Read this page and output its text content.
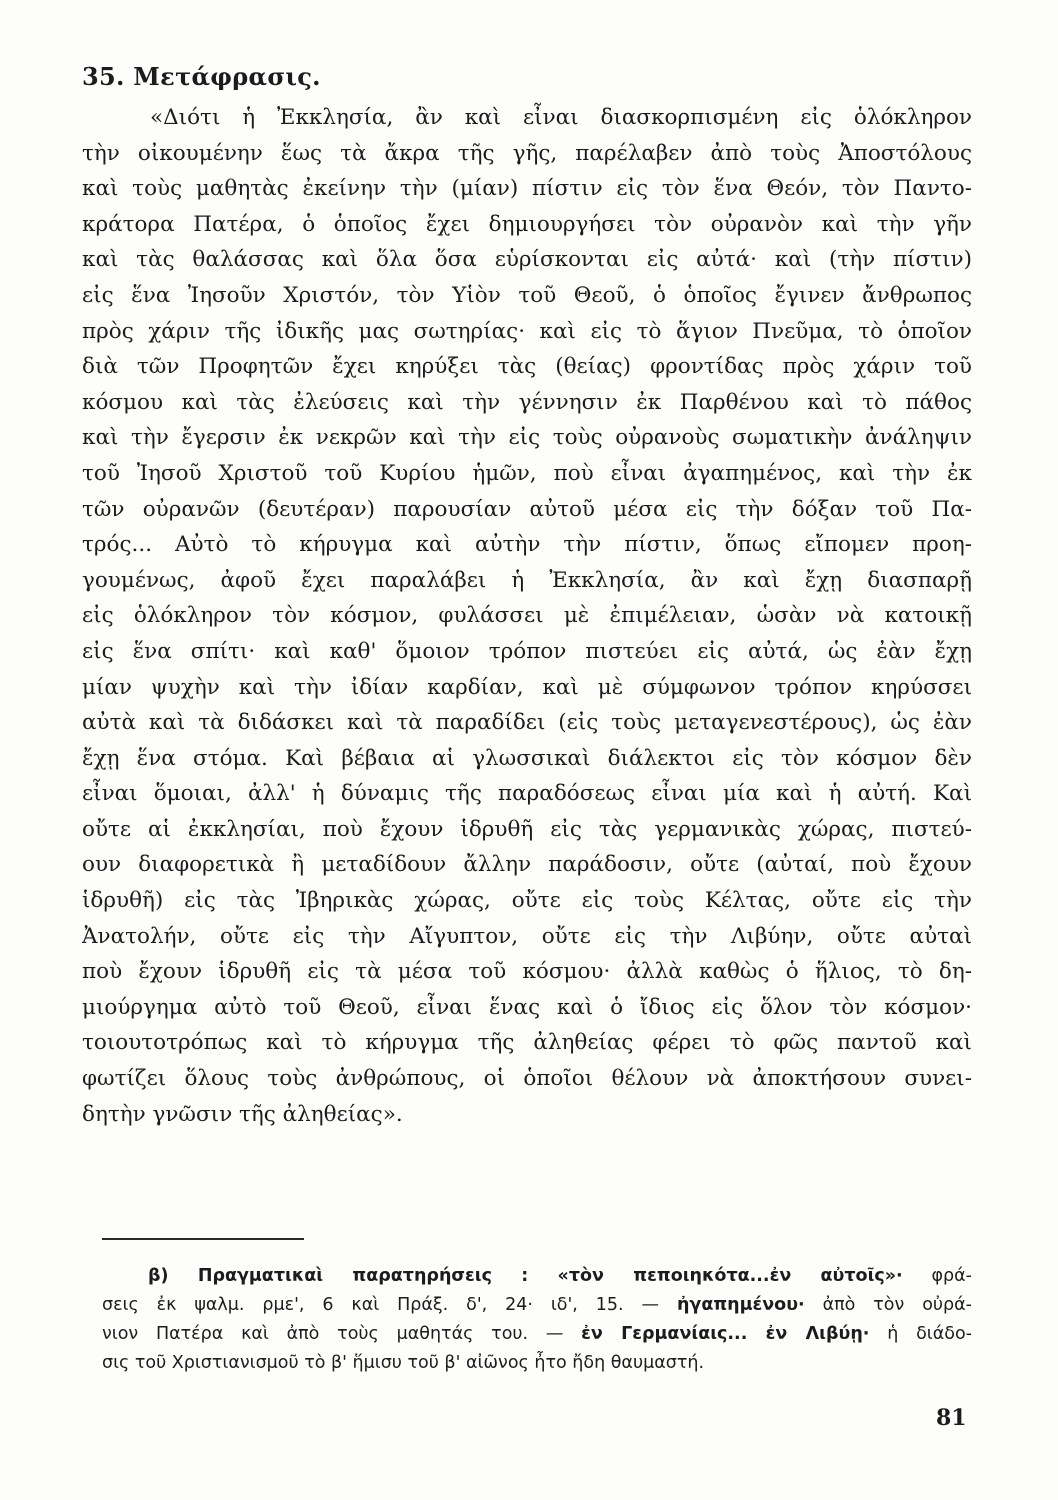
35. Μετάφρασις.
«Διότι ἡ Ἐκκλησία, ἂν καὶ εἶναι διασκορπισμένη εἰς ὁλόκληρον
τὴν οἰκουμένην ἕως τὰ ἄκρα τῆς γῆς, παρέλαβεν ἀπὸ τοὺς Ἀποστόλους
καὶ τοὺς μαθητὰς ἐκείνην τὴν (μίαν) πίστιν εἰς τὸν ἕνα Θεόν, τὸν Παντο-
κράτορα Πατέρα, ὁ ὁποῖος ἔχει δημιουργήσει τὸν οὐρανὸν καὶ τὴν γῆν
καὶ τὰς θαλάσσας καὶ ὅλα ὅσα εὑρίσκονται εἰς αὐτά· καὶ (τὴν πίστιν)
εἰς ἕνα Ἰησοῦν Χριστόν, τὸν Υἱὸν τοῦ Θεοῦ, ὁ ὁποῖος ἔγινεν ἄνθρωπος
πρὸς χάριν τῆς ἰδικῆς μας σωτηρίας· καὶ εἰς τὸ ἅγιον Πνεῦμα, τὸ ὁποῖον
διὰ τῶν Προφητῶν ἔχει κηρύξει τὰς (θείας) φροντίδας πρὸς χάριν τοῦ
κόσμου καὶ τὰς ἐλεύσεις καὶ τὴν γέννησιν ἐκ Παρθένου καὶ τὸ πάθος
καὶ τὴν ἔγερσιν ἐκ νεκρῶν καὶ τὴν εἰς τοὺς οὐρανοὺς σωματικὴν ἀνάληψιν
τοῦ Ἰησοῦ Χριστοῦ τοῦ Κυρίου ἡμῶν, ποὺ εἶναι ἀγαπημένος, καὶ τὴν ἐκ
τῶν οὐρανῶν (δευτέραν) παρουσίαν αὐτοῦ μέσα εἰς τὴν δόξαν τοῦ Πα-
τρός... Αὐτὸ τὸ κήρυγμα καὶ αὐτὴν τὴν πίστιν, ὅπως εἴπομεν προη-
γουμένως, ἀφοῦ ἔχει παραλάβει ἡ Ἐκκλησία, ἂν καὶ ἔχῃ διασπαρῇ
εἰς ὁλόκληρον τὸν κόσμον, φυλάσσει μὲ ἐπιμέλειαν, ὡσὰν νὰ κατοικῇ
εἰς ἕνα σπίτι· καὶ καθ' ὅμοιον τρόπον πιστεύει εἰς αὐτά, ὡς ἐὰν ἔχῃ
μίαν ψυχὴν καὶ τὴν ἰδίαν καρδίαν, καὶ μὲ σύμφωνον τρόπον κηρύσσει
αὐτὰ καὶ τὰ διδάσκει καὶ τὰ παραδίδει (εἰς τοὺς μεταγενεστέρους), ὡς ἐὰν
ἔχῃ ἕνα στόμα. Καὶ βέβαια αἱ γλωσσικαὶ διάλεκτοι εἰς τὸν κόσμον δὲν
εἶναι ὅμοιαι, ἀλλ' ἡ δύναμις τῆς παραδόσεως εἶναι μία καὶ ἡ αὐτή. Καὶ
οὔτε αἱ ἐκκλησίαι, ποὺ ἔχουν ἱδρυθῆ εἰς τὰς γερμανικὰς χώρας, πιστεύ-
ουν διαφορετικὰ ἢ μεταδίδουν ἄλλην παράδοσιν, οὔτε (αὐταί, ποὺ ἔχουν
ἱδρυθῆ) εἰς τὰς Ἰβηρικὰς χώρας, οὔτε εἰς τοὺς Κέλτας, οὔτε εἰς τὴν
Ἀνατολήν, οὔτε εἰς τὴν Αἴγυπτον, οὔτε εἰς τὴν Λιβύην, οὔτε αὐταὶ
ποὺ ἔχουν ἱδρυθῆ εἰς τὰ μέσα τοῦ κόσμου· ἀλλὰ καθὼς ὁ ἥλιος, τὸ δη-
μιούργημα αὐτὸ τοῦ Θεοῦ, εἶναι ἕνας καὶ ὁ ἴδιος εἰς ὅλον τὸν κόσμον·
τοιουτοτρόπως καὶ τὸ κήρυγμα τῆς ἀληθείας φέρει τὸ φῶς παντοῦ καὶ
φωτίζει ὅλους τοὺς ἀνθρώπους, οἱ ὁποῖοι θέλουν νὰ ἀποκτήσουν συνει-
δητὴν γνῶσιν τῆς ἀληθείας».
β) Πραγματικαὶ παρατηρήσεις : «τὸν πεποιηκότα...ἐν αὐτοῖς»· φρά-
σεις ἐκ ψαλμ. ρμε', 6 καὶ Πράξ. δ', 24· ιδ', 15. — ἠγαπημένου· ἀπὸ τὸν οὐρά-
νιον Πατέρα καὶ ἀπὸ τοὺς μαθητάς του. — ἐν Γερμανίαις... ἐν Λιβύῃ· ἡ διάδο-
σις τοῦ Χριστιανισμοῦ τὸ β' ἥμισυ τοῦ β' αἰῶνος ἦτο ἤδη θαυμαστή.
81
